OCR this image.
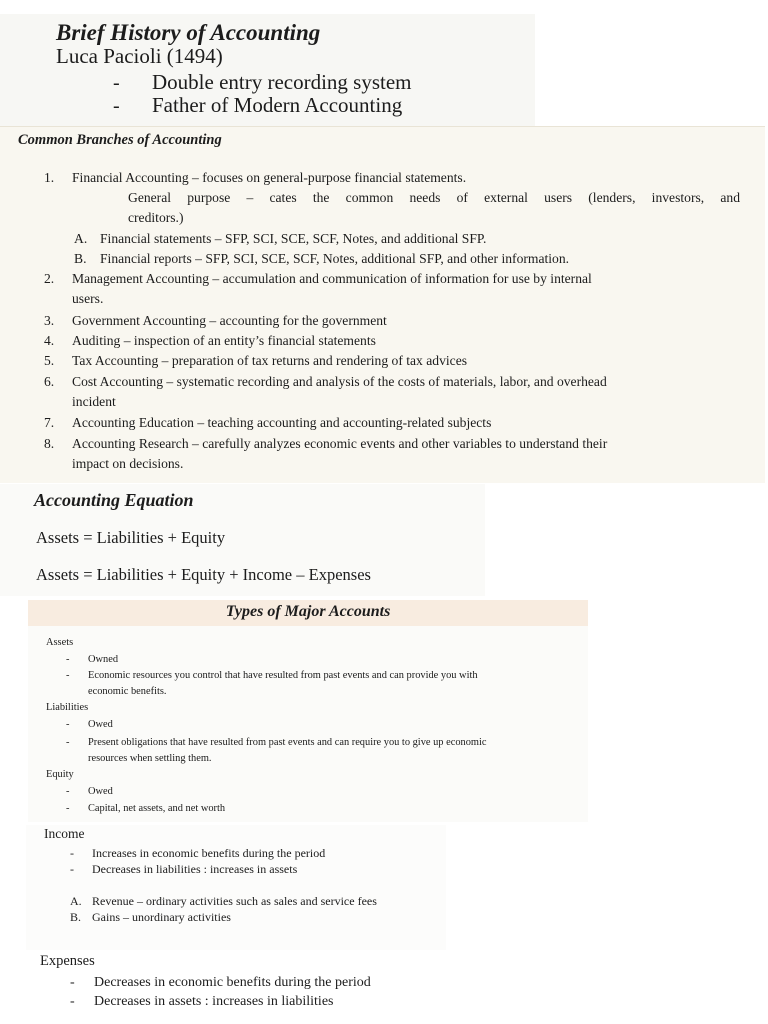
Brief History of Accounting
Luca Pacioli (1494)
- Double entry recording system
- Father of Modern Accounting
Common Branches of Accounting
1. Financial Accounting – focuses on general-purpose financial statements.
General purpose – cates the common needs of external users (lenders, investors, and
creditors.)
A. Financial statements – SFP, SCI, SCE, SCF, Notes, and additional SFP.
B. Financial reports – SFP, SCI, SCE, SCF, Notes, additional SFP, and other information.
2. Management Accounting – accumulation and communication of information for use by internal
users.
3. Government Accounting – accounting for the government
4. Auditing – inspection of an entity’s financial statements
5. Tax Accounting – preparation of tax returns and rendering of tax advices
6. Cost Accounting – systematic recording and analysis of the costs of materials, labor, and overhead
incident
7. Accounting Education – teaching accounting and accounting-related subjects
8. Accounting Research – carefully analyzes economic events and other variables to understand their
impact on decisions.
Accounting Equation
Assets = Liabilities + Equity
Assets = Liabilities + Equity + Income – Expenses
Types of Major Accounts
Assets
- Owned
- Economic resources you control that have resulted from past events and can provide you with
economic benefits.
Liabilities
- Owed
- Present obligations that have resulted from past events and can require you to give up economic
resources when settling them.
Equity
- Owed
- Capital, net assets, and net worth
Income
- Increases in economic benefits during the period
- Decreases in liabilities : increases in assets
A. Revenue – ordinary activities such as sales and service fees
B. Gains – unordinary activities
Expenses
- Decreases in economic benefits during the period
- Decreases in assets : increases in liabilities
